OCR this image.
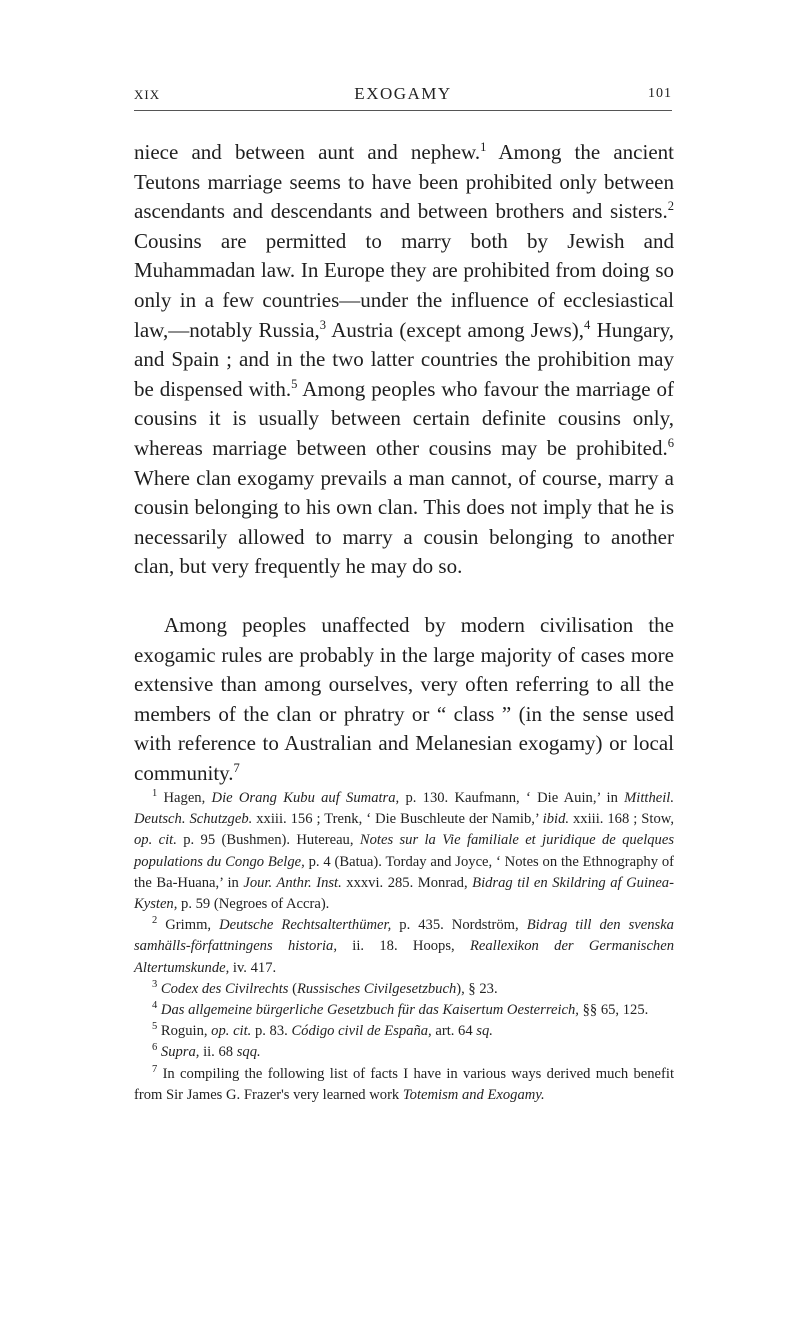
XIX	EXOGAMY	101

niece and between aunt and nephew.$^1$ Among the ancient Teutons marriage seems to have been prohibited only between ascendants and descendants and between brothers and sisters.$^2$ Cousins are permitted to marry both by Jewish and Muhammadan law. In Europe they are prohibited from doing so only in a few countries—under the influence of ecclesiastical law,—notably Russia,$^3$ Austria (except among Jews),$^4$ Hungary, and Spain ; and in the two latter countries the prohibition may be dispensed with.$^5$ Among peoples who favour the marriage of cousins it is usually between certain definite cousins only, whereas marriage between other cousins may be prohibited.$^6$ Where clan exogamy prevails a man cannot, of course, marry a cousin belonging to his own clan. This does not imply that he is necessarily allowed to marry a cousin belonging to another clan, but very frequently he may do so.

Among peoples unaffected by modern civilisation the exogamic rules are probably in the large majority of cases more extensive than among ourselves, very often referring to all the members of the clan or phratry or “ class ” (in the sense used with reference to Australian and Melanesian exogamy) or local community.$^7$

$^1$ Hagen, Die Orang Kubu auf Sumatra, p. 130. Kaufmann, ‘ Die Auin,’ in Mittheil. Deutsch. Schutzgeb. xxiii. 156 ; Trenk, ‘ Die Buschleute der Namib,’ ibid. xxiii. 168 ; Stow, op. cit. p. 95 (Bushmen). Hutereau, Notes sur la Vie familiale et juridique de quelques populations du Congo Belge, p. 4 (Batua). Torday and Joyce, ‘ Notes on the Ethnography of the Ba-Huana,’ in Jour. Anthr. Inst. xxxvi. 285. Monrad, Bidrag til en Skildring af Guinea-Kysten, p. 59 (Negroes of Accra).

$^2$ Grimm, Deutsche Rechtsalterthümer, p. 435. Nordström, Bidrag till den svenska samhälls-författningens historia, ii. 18. Hoops, Reallexikon der Germanischen Altertumskunde, iv. 417.

$^3$ Codex des Civilrechts (Russisches Civilgesetzbuch), § 23.

$^4$ Das allgemeine bürgerliche Gesetzbuch für das Kaisertum Oesterreich, §§ 65, 125.

$^5$ Roguin, op. cit. p. 83. Código civil de España, art. 64 sq.

$^6$ Supra, ii. 68 sqq.

$^7$ In compiling the following list of facts I have in various ways derived much benefit from Sir James G. Frazer's very learned work Totemism and Exogamy.
